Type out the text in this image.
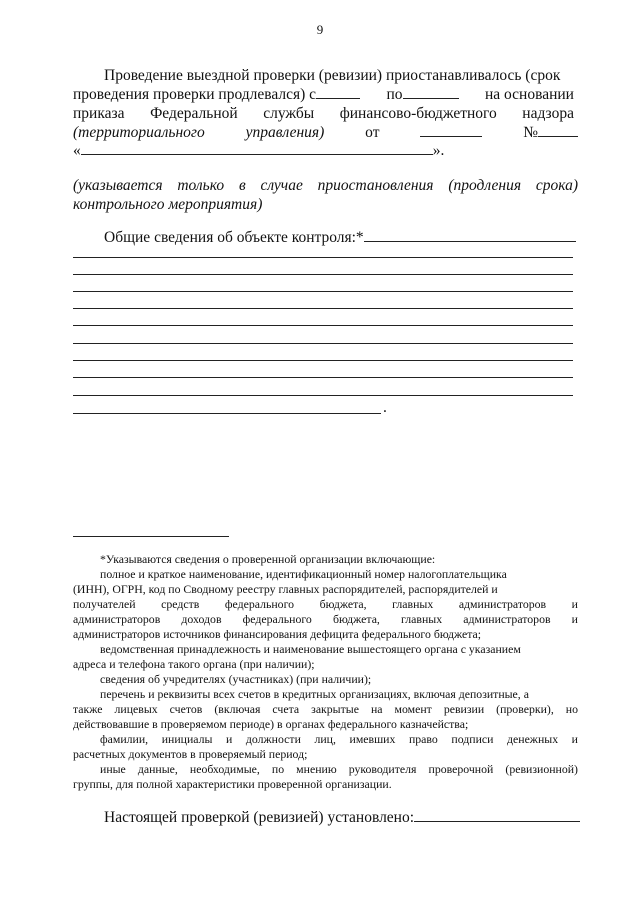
9
Проведение выездной проверки (ревизии) приостанавливалось (срок
проведения проверки продлевался) с	по	на основании
приказа Федеральной службы финансово-бюджетного надзора
(территориального	управления)	от	№
«	».
(указывается только в случае приостановления (продления срока)
контрольного мероприятия)
Общие сведения об объекте контроля:*
.
*Указываются сведения о проверенной организации включающие:
полное и краткое наименование, идентификационный номер налогоплательщика
(ИНН), ОГРН, код по Сводному реестру главных распорядителей, распорядителей и
получателей средств федерального бюджета, главных администраторов и
администраторов доходов федерального бюджета, главных администраторов и
администраторов источников финансирования дефицита федерального бюджета;
ведомственная принадлежность и наименование вышестоящего органа с указанием
адреса и телефона такого органа (при наличии);
сведения об учредителях (участниках) (при наличии);
перечень и реквизиты всех счетов в кредитных организациях, включая депозитные, а
также лицевых счетов (включая счета закрытые на момент ревизии (проверки), но
действовавшие в проверяемом периоде) в органах федерального казначейства;
фамилии, инициалы и должности лиц, имевших право подписи денежных и
расчетных документов в проверяемый период;
иные данные, необходимые, по мнению руководителя проверочной (ревизионной)
группы, для полной характеристики проверенной организации.
Настоящей проверкой (ревизией) установлено:
